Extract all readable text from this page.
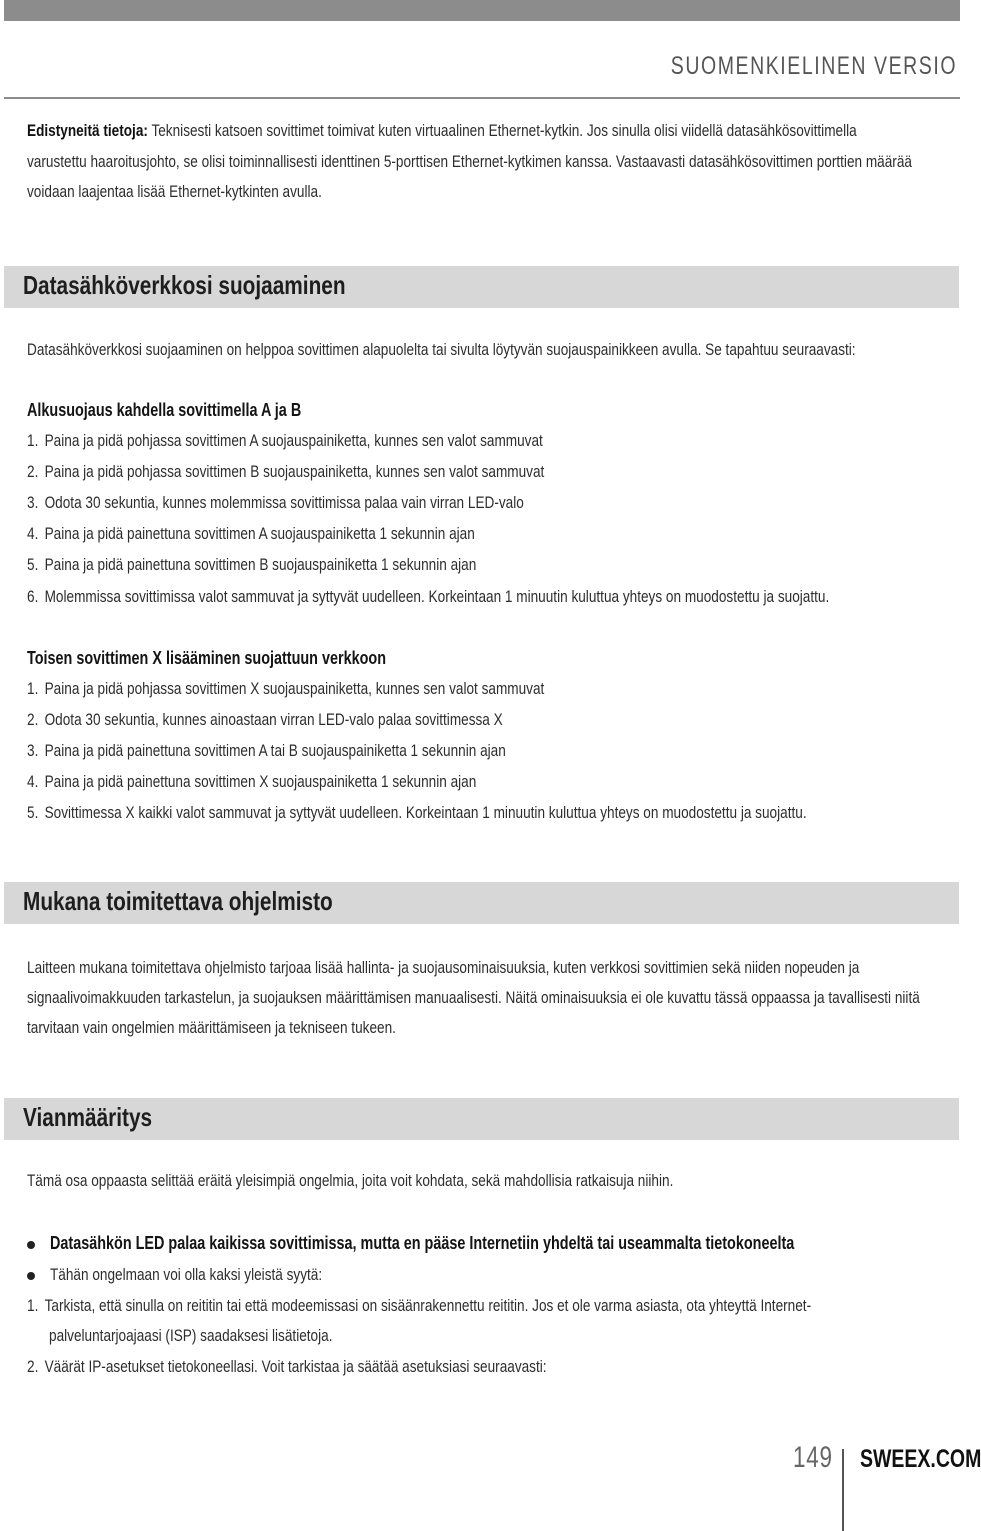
SUOMENKIELINEN VERSIO
Edistyneitä tietoja: Teknisesti katsoen sovittimet toimivat kuten virtuaalinen Ethernet-kytkin. Jos sinulla olisi viidellä datasähkösovittimella
varustettu haaroitusjohto, se olisi toiminnallisesti identtinen 5-porttisen Ethernet-kytkimen kanssa. Vastaavasti datasähkösovittimen porttien määrää
voidaan laajentaa lisää Ethernet-kytkinten avulla.
Datasähköverkkosi suojaaminen
Datasähköverkkosi suojaaminen on helppoa sovittimen alapuolelta tai sivulta löytyvän suojauspainikkeen avulla. Se tapahtuu seuraavasti:
Alkusuojaus kahdella sovittimella A ja B
1. Paina ja pidä pohjassa sovittimen A suojauspainiketta, kunnes sen valot sammuvat
2. Paina ja pidä pohjassa sovittimen B suojauspainiketta, kunnes sen valot sammuvat
3. Odota 30 sekuntia, kunnes molemmissa sovittimissa palaa vain virran LED-valo
4. Paina ja pidä painettuna sovittimen A suojauspainiketta 1 sekunnin ajan
5. Paina ja pidä painettuna sovittimen B suojauspainiketta 1 sekunnin ajan
6. Molemmissa sovittimissa valot sammuvat ja syttyvät uudelleen. Korkeintaan 1 minuutin kuluttua yhteys on muodostettu ja suojattu.
Toisen sovittimen X lisääminen suojattuun verkkoon
1. Paina ja pidä pohjassa sovittimen X suojauspainiketta, kunnes sen valot sammuvat
2. Odota 30 sekuntia, kunnes ainoastaan virran LED-valo palaa sovittimessa X
3. Paina ja pidä painettuna sovittimen A tai B suojauspainiketta 1 sekunnin ajan
4. Paina ja pidä painettuna sovittimen X suojauspainiketta 1 sekunnin ajan
5. Sovittimessa X kaikki valot sammuvat ja syttyvät uudelleen. Korkeintaan 1 minuutin kuluttua yhteys on muodostettu ja suojattu.
Mukana toimitettava ohjelmisto
Laitteen mukana toimitettava ohjelmisto tarjoaa lisää hallinta- ja suojausominaisuuksia, kuten verkkosi sovittimien sekä niiden nopeuden ja
signaalivoimakkuuden tarkastelun, ja suojauksen määrittämisen manuaalisesti. Näitä ominaisuuksia ei ole kuvattu tässä oppaassa ja tavallisesti niitä
tarvitaan vain ongelmien määrittämiseen ja tekniseen tukeen.
Vianmääritys
Tämä osa oppaasta selittää eräitä yleisimpiä ongelmia, joita voit kohdata, sekä mahdollisia ratkaisuja niihin.
Datasähkön LED palaa kaikissa sovittimissa, mutta en pääse Internetiin yhdeltä tai useammalta tietokoneelta
Tähän ongelmaan voi olla kaksi yleistä syytä:
1. Tarkista, että sinulla on reititin tai että modeemissasi on sisäänrakennettu reititin. Jos et ole varma asiasta, ota yhteyttä Internet-
palveluntarjoajaasi (ISP) saadaksesi lisätietoja.
2. Väärät IP-asetukset tietokoneellasi. Voit tarkistaa ja säätää asetuksiasi seuraavasti:
149 SWEEX.COM
